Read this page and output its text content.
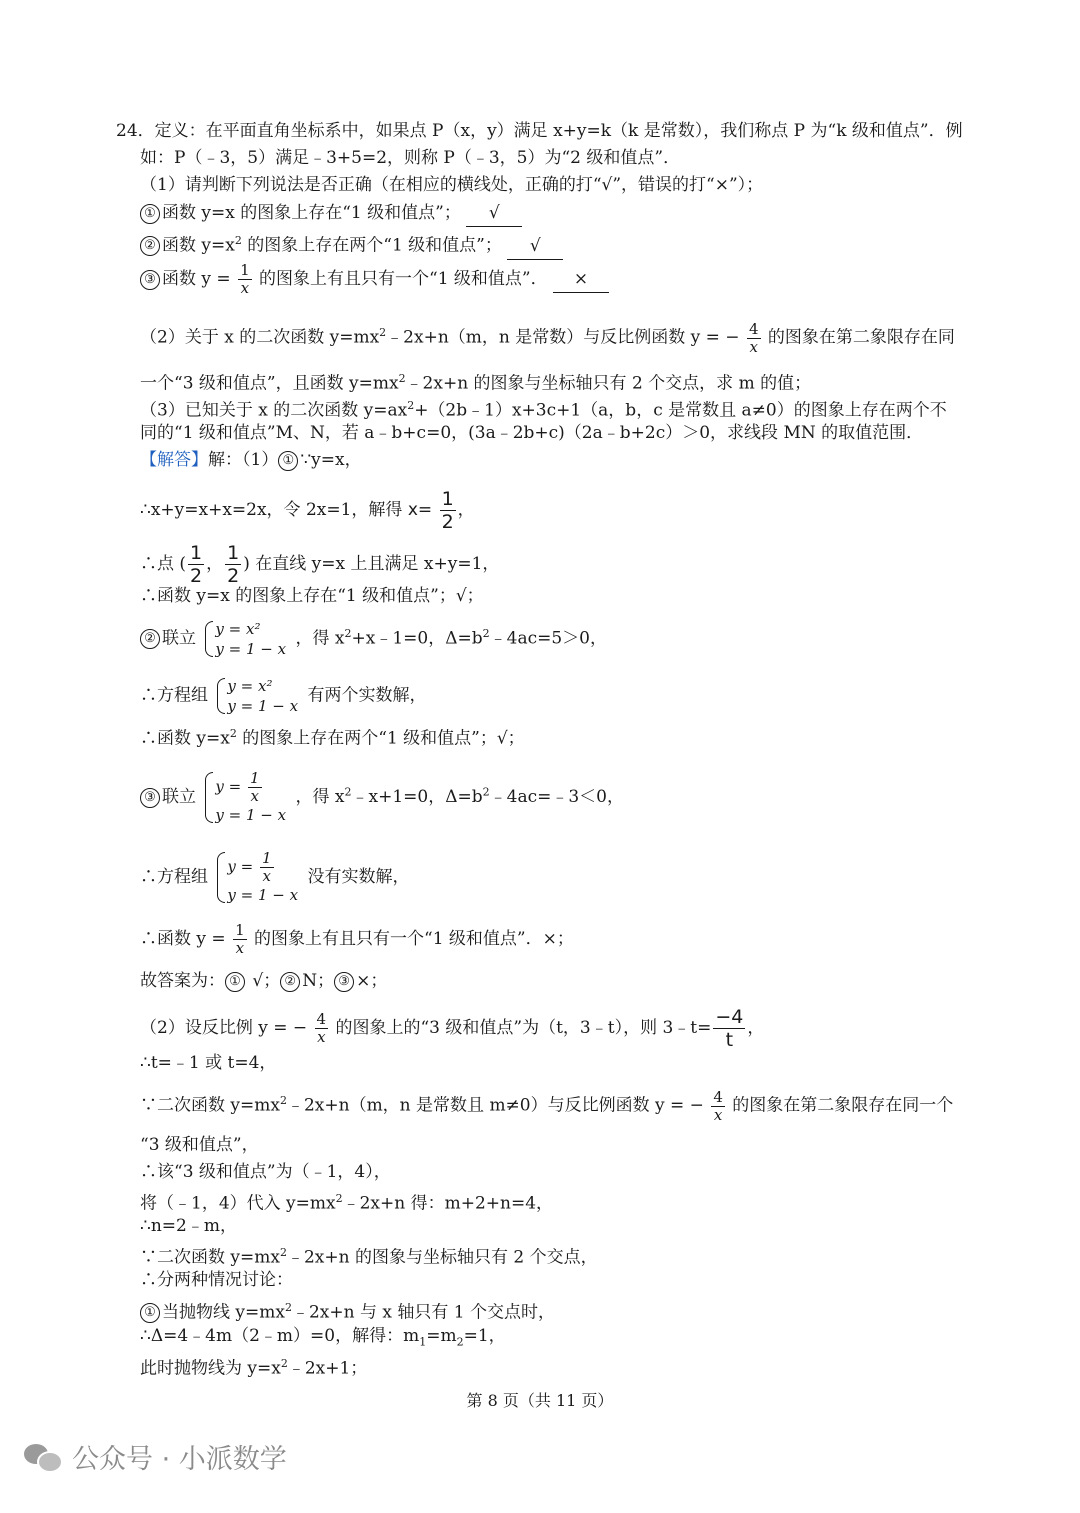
24．定义：在平面直角坐标系中，如果点 P（x，y）满足 x+y=k（k 是常数），我们称点 P 为“k 级和值点”．例
如：P（﹣3，5）满足﹣3+5=2，则称 P（﹣3，5）为“2 级和值点”．
（1）请判断下列说法是否正确（在相应的横线处，正确的打“√”，错误的打“×”）；
① 函数 y=x 的图象上存在“1 级和值点”； √
② 函数 $y=x^2$ 的图象上存在两个“1 级和值点”； √
③ 函数 $y = \frac{1}{x}$ 的图象上有且只有一个“1 级和值点”． ×
（2）关于 x 的二次函数 $y=mx^2﹣2x+n(m$，n 是常数）与反比例函数 y = − $\frac{4}{x}$ 的图象在第二象限存在同
一个“3 级和值点”，且函数 $y=mx^2﹣2x+n$ 的图象与坐标轴只有 2 个交点，求 m 的值；
（3）已知关于 x 的二次函数 $y=ax^2+(2b﹣1)x+3c+1(a$，b，c 是常数且 a≠0）的图象上存在两个不
同的“1 级和值点”M、N，若 a﹣b+c=0，(3a﹣2b+c)（2a﹣b+2c）＞0，求线段 MN 的取值范围．
【解答】解：（1） ① ∵y=x，
∴x+y=x+x=2x，令 2x=1，解得 $x= \frac{1}{2}$ ，
∴点 ( $\frac{1}{2}$ ， $\frac{1}{2}$ ) 在直线 y=x 上且满足 x+y=1，
∴函数 y=x 的图象上存在“1 级和值点”；√；
② 联立 y = x²
y = 1 − x
，得 $x^2+x﹣1=0$，$\Delta=b^2﹣4ac=5>0$，
∴方程组 y = x²
y = 1 − x
有两个实数解，
∴函数 $y=x^2$ 的图象上存在两个“1 级和值点”；√；
③ 联立
$y = \frac{1}{x}$
y = 1 − x
，得 $x^2﹣x+1=0$，$\Delta=b^2﹣4ac=﹣3<0$，
∴方程组
$y = \frac{1}{x}$
y = 1 − x
没有实数解，
∴函数 $y = \frac{1}{x}$ 的图象上有且只有一个“1 级和值点”．×；
故答案为： ① √； ② N； ③ ×；
（2）设反比例 y = − $\frac{4}{x}$ 的图象上的“3 级和值点”为（t，3﹣t），则 3﹣t= $\frac{-4}{t}$ ，
∴t=﹣1 或 t=4，
∵二次函数 $y=mx^2﹣2x+n(m$，n 是常数且 m≠0）与反比例函数 y = − $\frac{4}{x}$ 的图象在第二象限存在同一个
“3 级和值点”，
∴该“3 级和值点”为（﹣1，4），
将（﹣1，4）代入 $y=mx^2﹣2x+n$ 得：m+2+n=4，
∴n=2﹣m，
∵二次函数 $y=mx^2﹣2x+n$ 的图象与坐标轴只有 2 个交点，
∴分两种情况讨论：
① 当抛物线 $y=mx^2﹣2x+n$ 与 x 轴只有 1 个交点时，
∴Δ=4﹣4m（2﹣m）=0，解得：$m_1=m_2=1$，
此时抛物线为 $y=x^2﹣2x+1$；
第 8 页（共 11 页）
公众号 · 小派数学
